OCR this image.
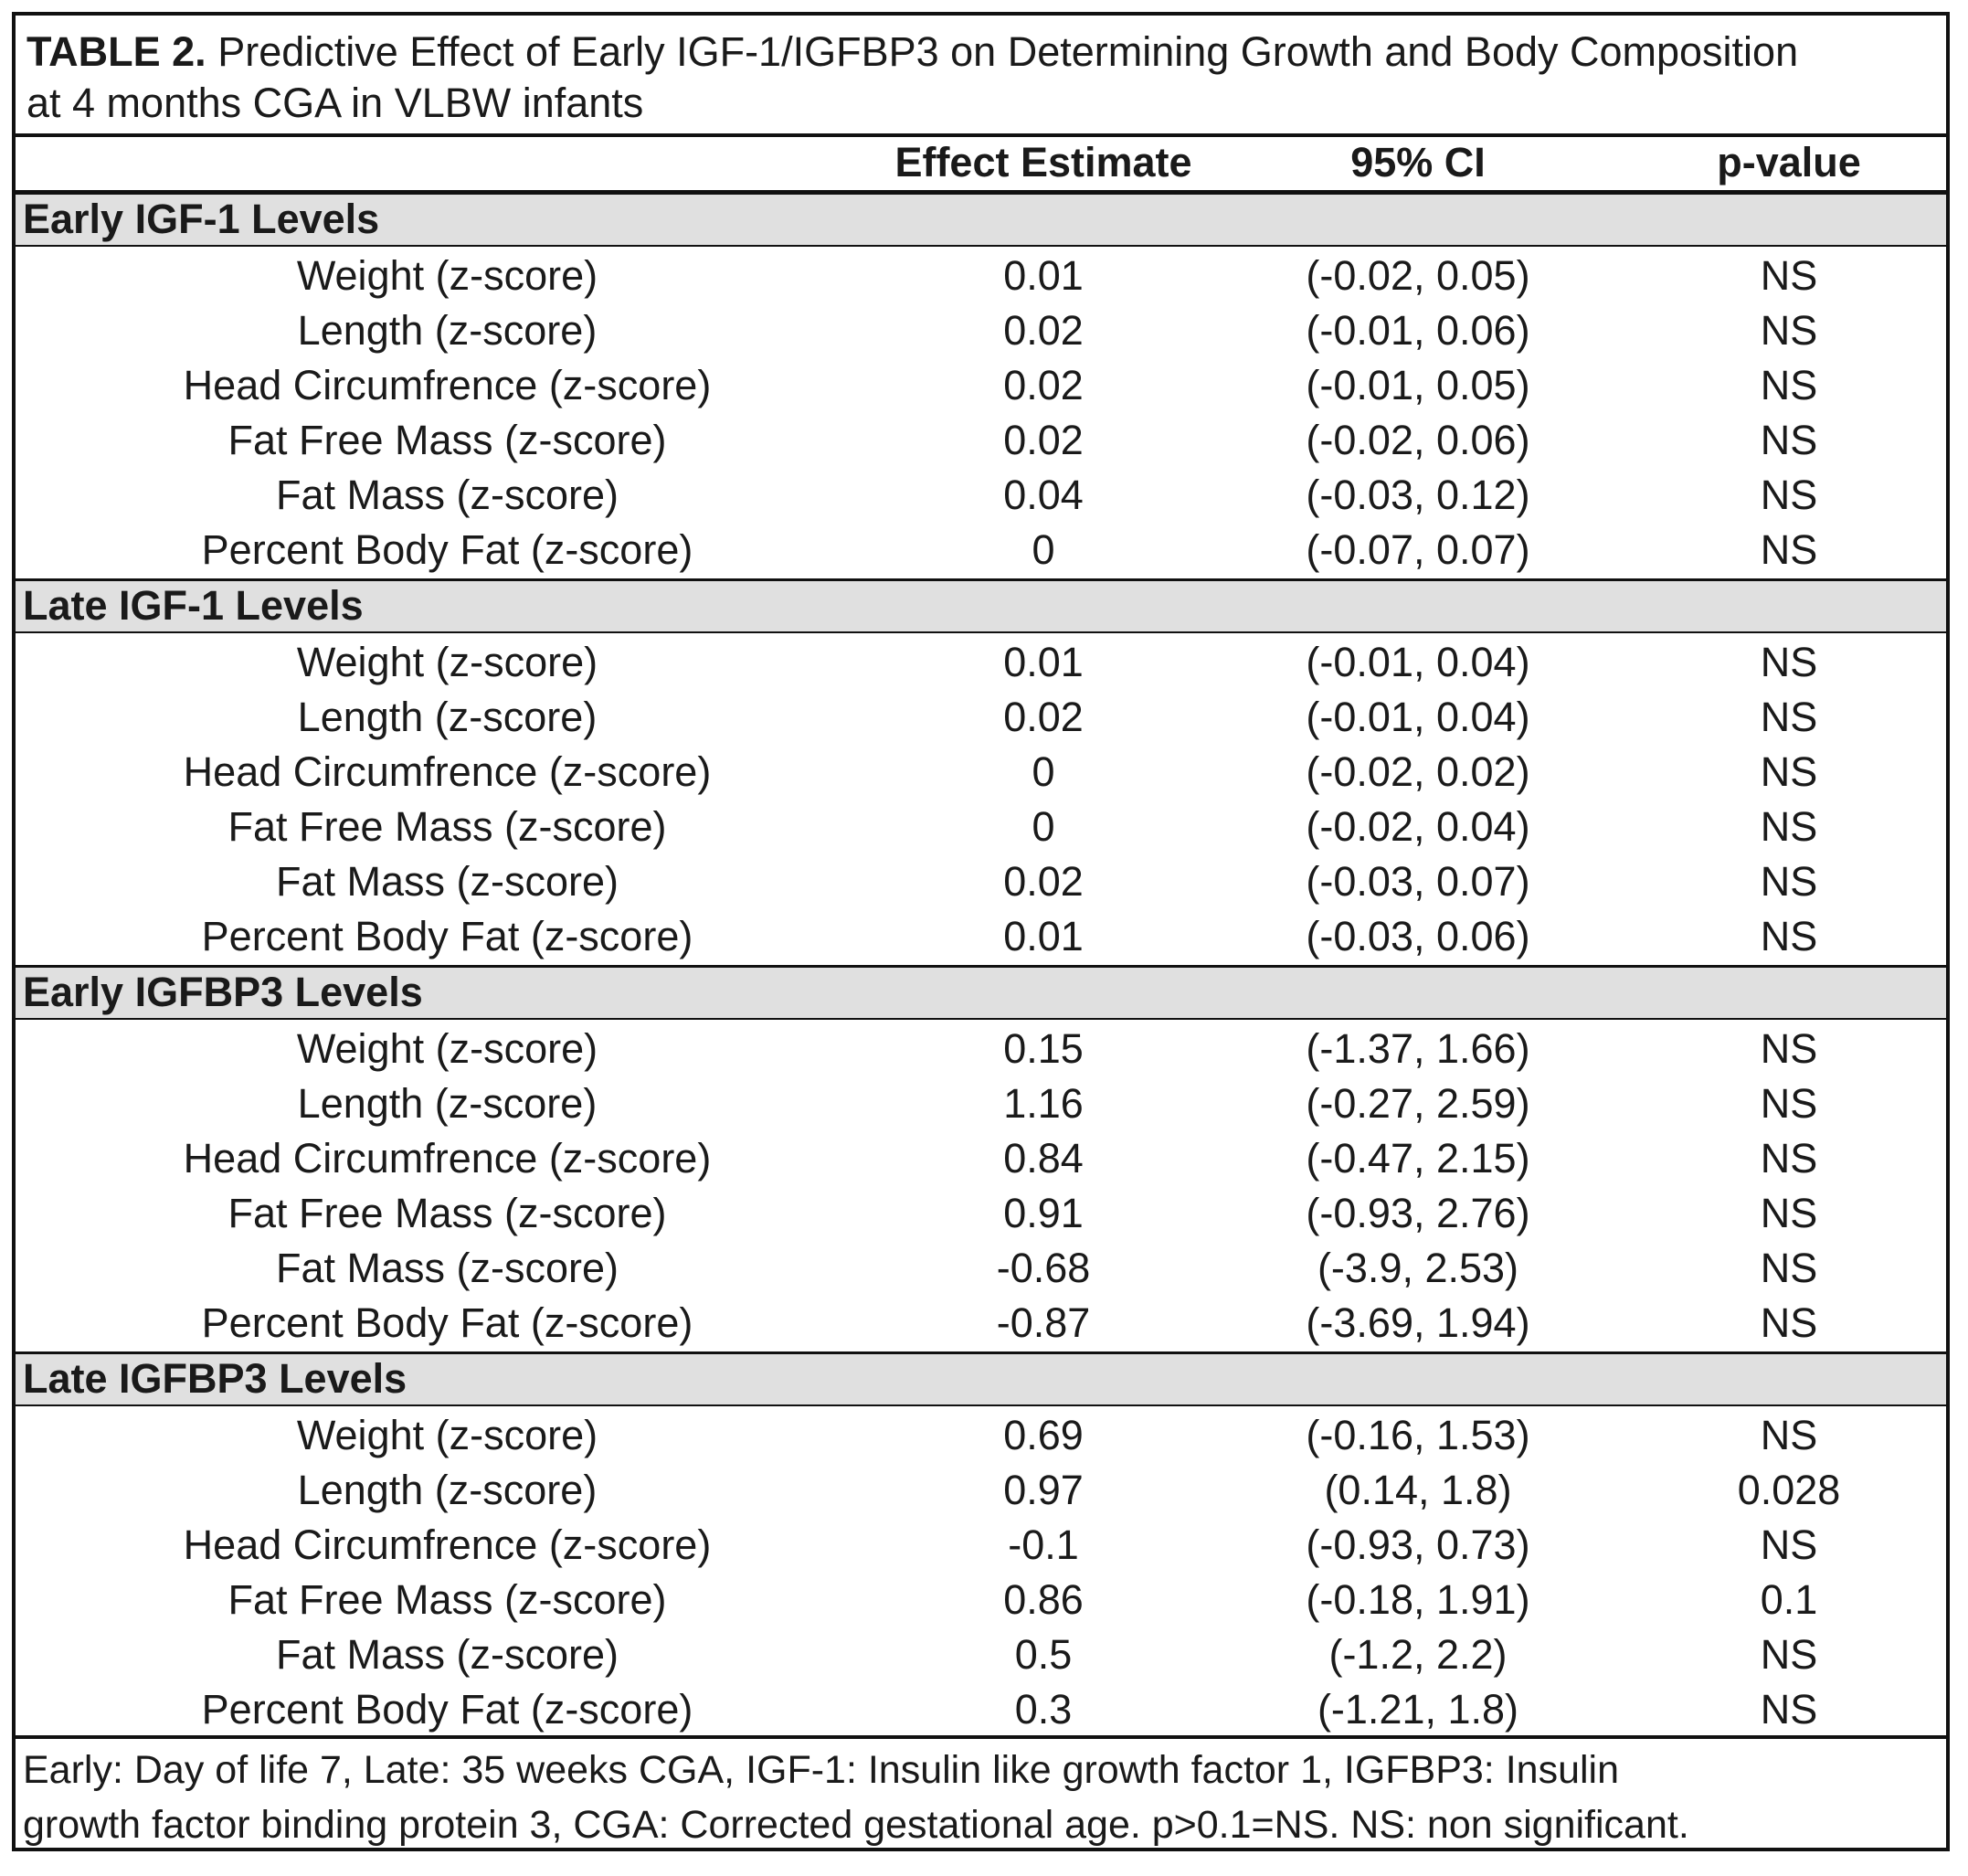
TABLE 2. Predictive Effect of Early IGF-1/IGFBP3 on Determining Growth and Body Composition
at 4 months CGA in VLBW infants
Effect Estimate	95% CI	p-value
Early IGF-1 Levels
Weight (z-score)	0.01	(-0.02, 0.05)	NS
Length (z-score)	0.02	(-0.01, 0.06)	NS
Head Circumfrence (z-score)	0.02	(-0.01, 0.05)	NS
Fat Free Mass (z-score)	0.02	(-0.02, 0.06)	NS
Fat Mass (z-score)	0.04	(-0.03, 0.12)	NS
Percent Body Fat (z-score)	0	(-0.07, 0.07)	NS
Late IGF-1 Levels
Weight (z-score)	0.01	(-0.01, 0.04)	NS
Length (z-score)	0.02	(-0.01, 0.04)	NS
Head Circumfrence (z-score)	0	(-0.02, 0.02)	NS
Fat Free Mass (z-score)	0	(-0.02, 0.04)	NS
Fat Mass (z-score)	0.02	(-0.03, 0.07)	NS
Percent Body Fat (z-score)	0.01	(-0.03, 0.06)	NS
Early IGFBP3 Levels
Weight (z-score)	0.15	(-1.37, 1.66)	NS
Length (z-score)	1.16	(-0.27, 2.59)	NS
Head Circumfrence (z-score)	0.84	(-0.47, 2.15)	NS
Fat Free Mass (z-score)	0.91	(-0.93, 2.76)	NS
Fat Mass (z-score)	-0.68	(-3.9, 2.53)	NS
Percent Body Fat (z-score)	-0.87	(-3.69, 1.94)	NS
Late IGFBP3 Levels
Weight (z-score)	0.69	(-0.16, 1.53)	NS
Length (z-score)	0.97	(0.14, 1.8)	0.028
Head Circumfrence (z-score)	-0.1	(-0.93, 0.73)	NS
Fat Free Mass (z-score)	0.86	(-0.18, 1.91)	0.1
Fat Mass (z-score)	0.5	(-1.2, 2.2)	NS
Percent Body Fat (z-score)	0.3	(-1.21, 1.8)	NS
Early: Day of life 7, Late: 35 weeks CGA, IGF-1: Insulin like growth factor 1, IGFBP3: Insulin
growth factor binding protein 3, CGA: Corrected gestational age. p>0.1=NS. NS: non significant.
